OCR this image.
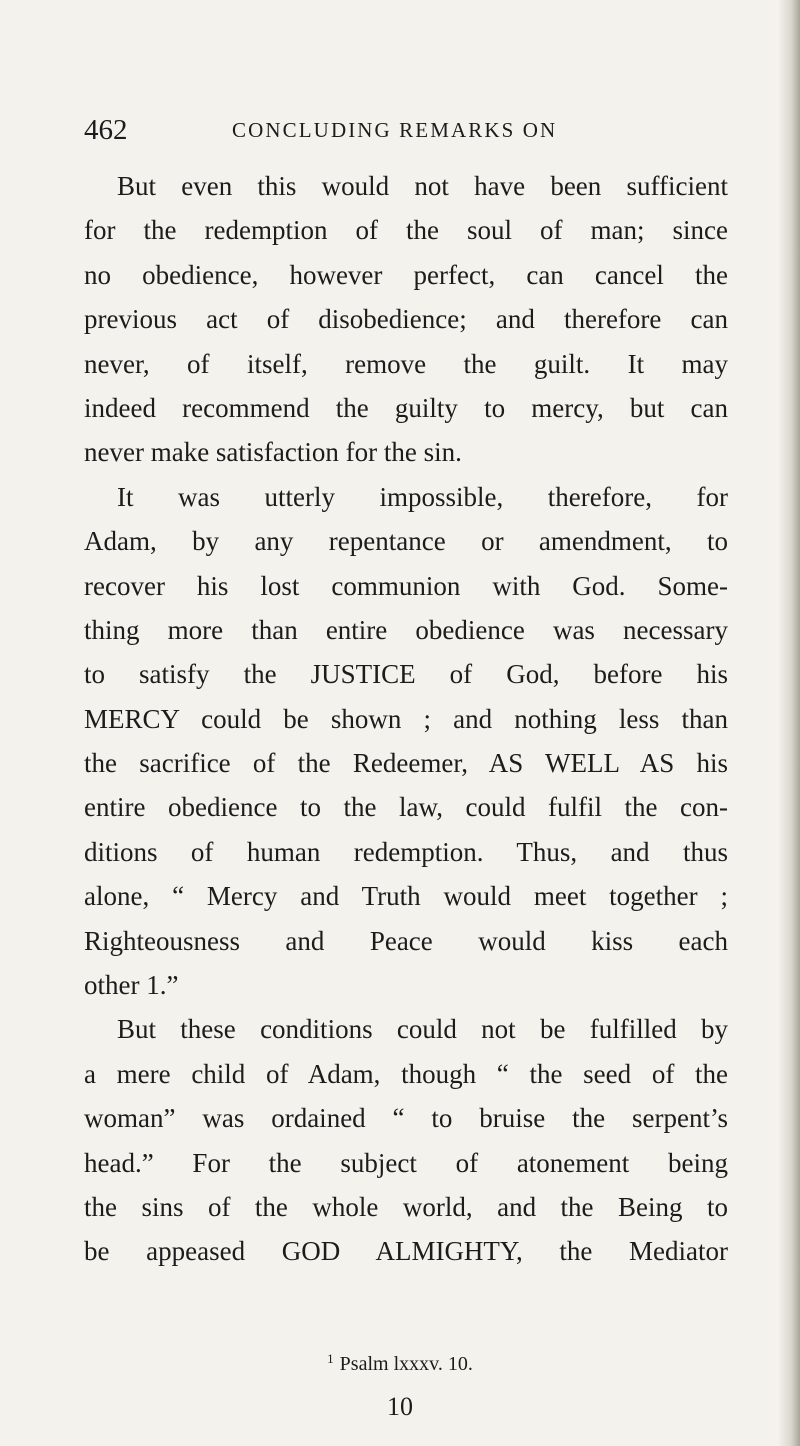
462	CONCLUDING REMARKS ON
But even this would not have been sufficient
for the redemption of the soul of man; since
no obedience, however perfect, can cancel the
previous act of disobedience; and therefore can
never, of itself, remove the guilt. It may
indeed recommend the guilty to mercy, but can
never make satisfaction for the sin.
It was utterly impossible, therefore, for
Adam, by any repentance or amendment, to
recover his lost communion with God. Some-
thing more than entire obedience was necessary
to satisfy the JUSTICE of God, before his
MERCY could be shown ; and nothing less than
the sacrifice of the Redeemer, AS WELL AS his
entire obedience to the law, could fulfil the con-
ditions of human redemption. Thus, and thus
alone, “ Mercy and Truth would meet together ;
Righteousness and Peace would kiss each
other 1.”
But these conditions could not be fulfilled by
a mere child of Adam, though “ the seed of the
woman” was ordained “ to bruise the serpent’s
head.” For the subject of atonement being
the sins of the whole world, and the Being to
be appeased GOD ALMIGHTY, the Mediator
$^1$ Psalm lxxxv. 10.
10
